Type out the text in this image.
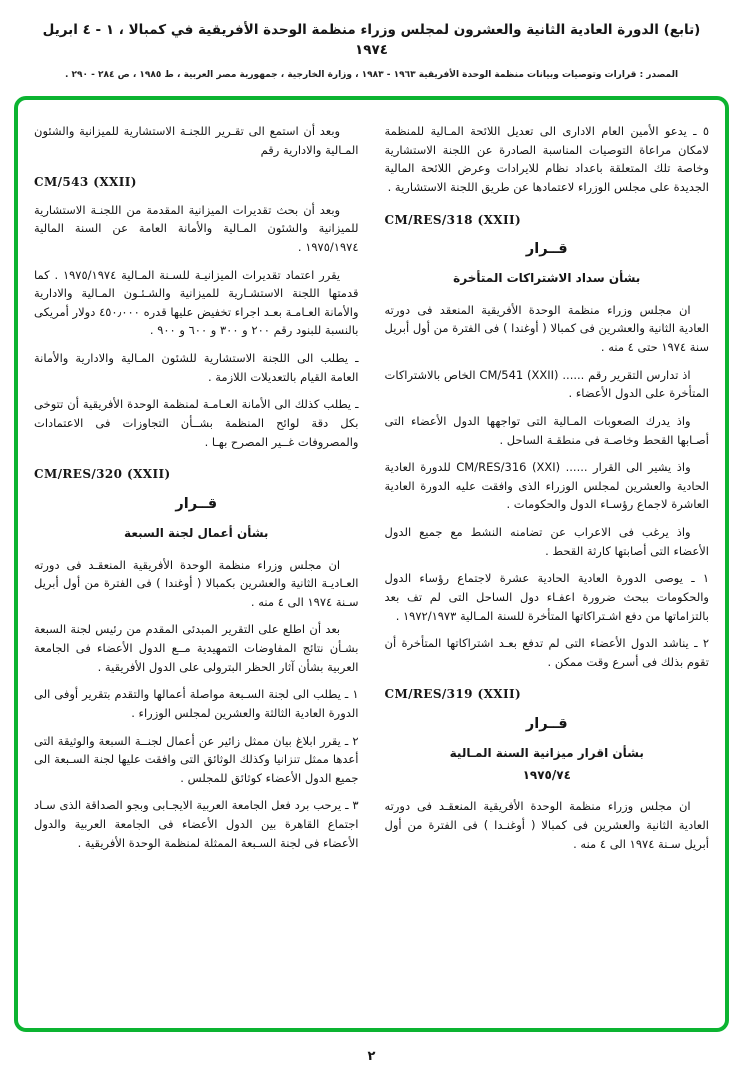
(تابع) الدورة العادية الثانية والعشرون لمجلس وزراء منظمة الوحدة الأفريقية في كمبالا ، ١ - ٤ ابريل ١٩٧٤
المصدر : قرارات وتوصيات وبيانات منظمة الوحدة الأفريقية ١٩٦٣ - ١٩٨٣ ، وزارة الخارجية ، جمهورية مصر العربية ، ط ١٩٨٥ ، ص ٢٨٤ - ٢٩٠ .

٥ ـ يدعو الأمين العام الادارى الى تعديل اللائحة المـالية للمنظمة لامكان مراعاة التوصيات المناسبة الصادرة عن اللجنة الاستشارية وخاصة تلك المتعلقة باعداد نظام للايرادات وعرض اللائحة المالية الجديدة على مجلس الوزراء لاعتمادها عن طريق اللجنة الاستشارية .

CM/RES/318 (XXII)
قــرار
بشأن سداد الاشتراكات المتأخرة

ان مجلس وزراء منظمة الوحدة الأفريقية المنعقد فى دورته العادية الثانية والعشرين فى كمبالا ( أوغندا ) فى الفترة من أول أبريل سنة ١٩٧٤ حتى ٤ منه .

اذ تدارس التقرير رقم ...... CM/541 (XXII) الخاص بالاشتراكات المتأخرة على الدول الأعضاء .

واذ يدرك الصعوبات المـالية التى تواجهها الدول الأعضاء التى أصـابها القحط وخاصـة فى منطقـة الساحل .

واذ يشير الى القرار ...... CM/RES/316 (XXI) للدورة العادية الحادية والعشرين لمجلس الوزراء الذى وافقت عليه الدورة العادية العاشرة لاجماع رؤسـاء الدول والحكومات .

واذ يرغب فى الاعراب عن تضامنه النشط مع جميع الدول الأعضاء التى أصابتها كارثة القحط .

١ ـ يوصى الدورة العادية الحادية عشرة لاجتماع رؤساء الدول والحكومات ببحث ضرورة اعفـاء دول الساحل التى لم تف بعد بالتزاماتها من دفع اشـتراكاتها المتأخرة للسنة المـالية ١٩٧٢/١٩٧٣ .

٢ ـ يناشد الدول الأعضاء التى لم تدفع بعـد اشتراكاتها المتأخرة أن تقوم بذلك فى أسرع وقت ممكن .

CM/RES/319 (XXII)
قــرار
بشأن اقرار ميزانية السنة المـالية
١٩٧٥/٧٤

ان مجلس وزراء منظمة الوحدة الأفريقية المنعقـد فى دورته العادية الثانية والعشرين فى كمبالا ( أوغنـدا ) فى الفترة من أول أبريل سـنة ١٩٧٤ الى ٤ منه .

وبعد أن استمع الى تقـرير اللجنـة الاستشارية للميزانية والشئون المـالية والادارية رقم

CM/543 (XXII)

وبعد أن بحث تقديرات الميزانية المقدمة من اللجنـة الاستشارية للميزانية والشئون المـالية والأمانة العامة عن السنة المالية ١٩٧٥/١٩٧٤ .

يقرر اعتماد تقديرات الميزانيـة للسـنة المـالية ١٩٧٥/١٩٧٤ . كما قدمتها اللجنة الاستشـارية للميزانية والشـئـون المـالية والادارية والأمانة العـامـة بعـد اجراء تخفيض عليها قدره ٤٥٠٫٠٠٠ دولار أمريكى بالنسبة للبنود رقم ٢٠٠ و ٣٠٠ و ٦٠٠ و ٩٠٠ .

ـ يطلب الى اللجنة الاستشارية للشئون المـالية والادارية والأمانة العامة القيام بالتعديلات اللازمة .

ـ يطلب كذلك الى الأمانة العـامـة لمنظمة الوحدة الأفريقية أن تتوخى بكل دقة لوائح المنظمة بشــأن التجاوزات فى الاعتمادات والمصروفات غــير المصرح بهـا .

CM/RES/320 (XXII)
قــرار
بشأن أعمال لجنة السبعة

ان مجلس وزراء منظمة الوحدة الأفريقية المنعقـد فى دورته العـاديـة الثانية والعشرين بكمبالا ( أوغندا ) فى الفترة من أول أبريل سـنة ١٩٧٤ الى ٤ منه .

بعد أن اطلع على التقرير المبدئى المقدم من رئيس لجنة السبعة بشـأن نتائج المفاوضات التمهيدية مــع الدول الأعضاء فى الجامعة العربية بشأن آثار الحظر البترولى على الدول الأفريقية .

١ ـ يطلب الى لجنة السـبعة مواصلة أعمالها والتقدم بتقرير أوفى الى الدورة العادية الثالثة والعشرين لمجلس الوزراء .

٢ ـ يقرر ابلاغ بيان ممثل زائير عن أعمال لجنــة السبعة والوثيقة التى أعدها ممثل تنزانيا وكذلك الوثائق التى وافقت عليها لجنة السـبعة الى جميع الدول الأعضاء كوثائق للمجلس .

٣ ـ يرحب برد فعل الجامعة العربية الايجـابى وبجو الصداقة الذى سـاد اجتماع القاهرة بين الدول الأعضاء فى الجامعة العربية والدول الأعضاء فى لجنة السـبعة الممثلة لمنظمة الوحدة الأفريقية .

٢
